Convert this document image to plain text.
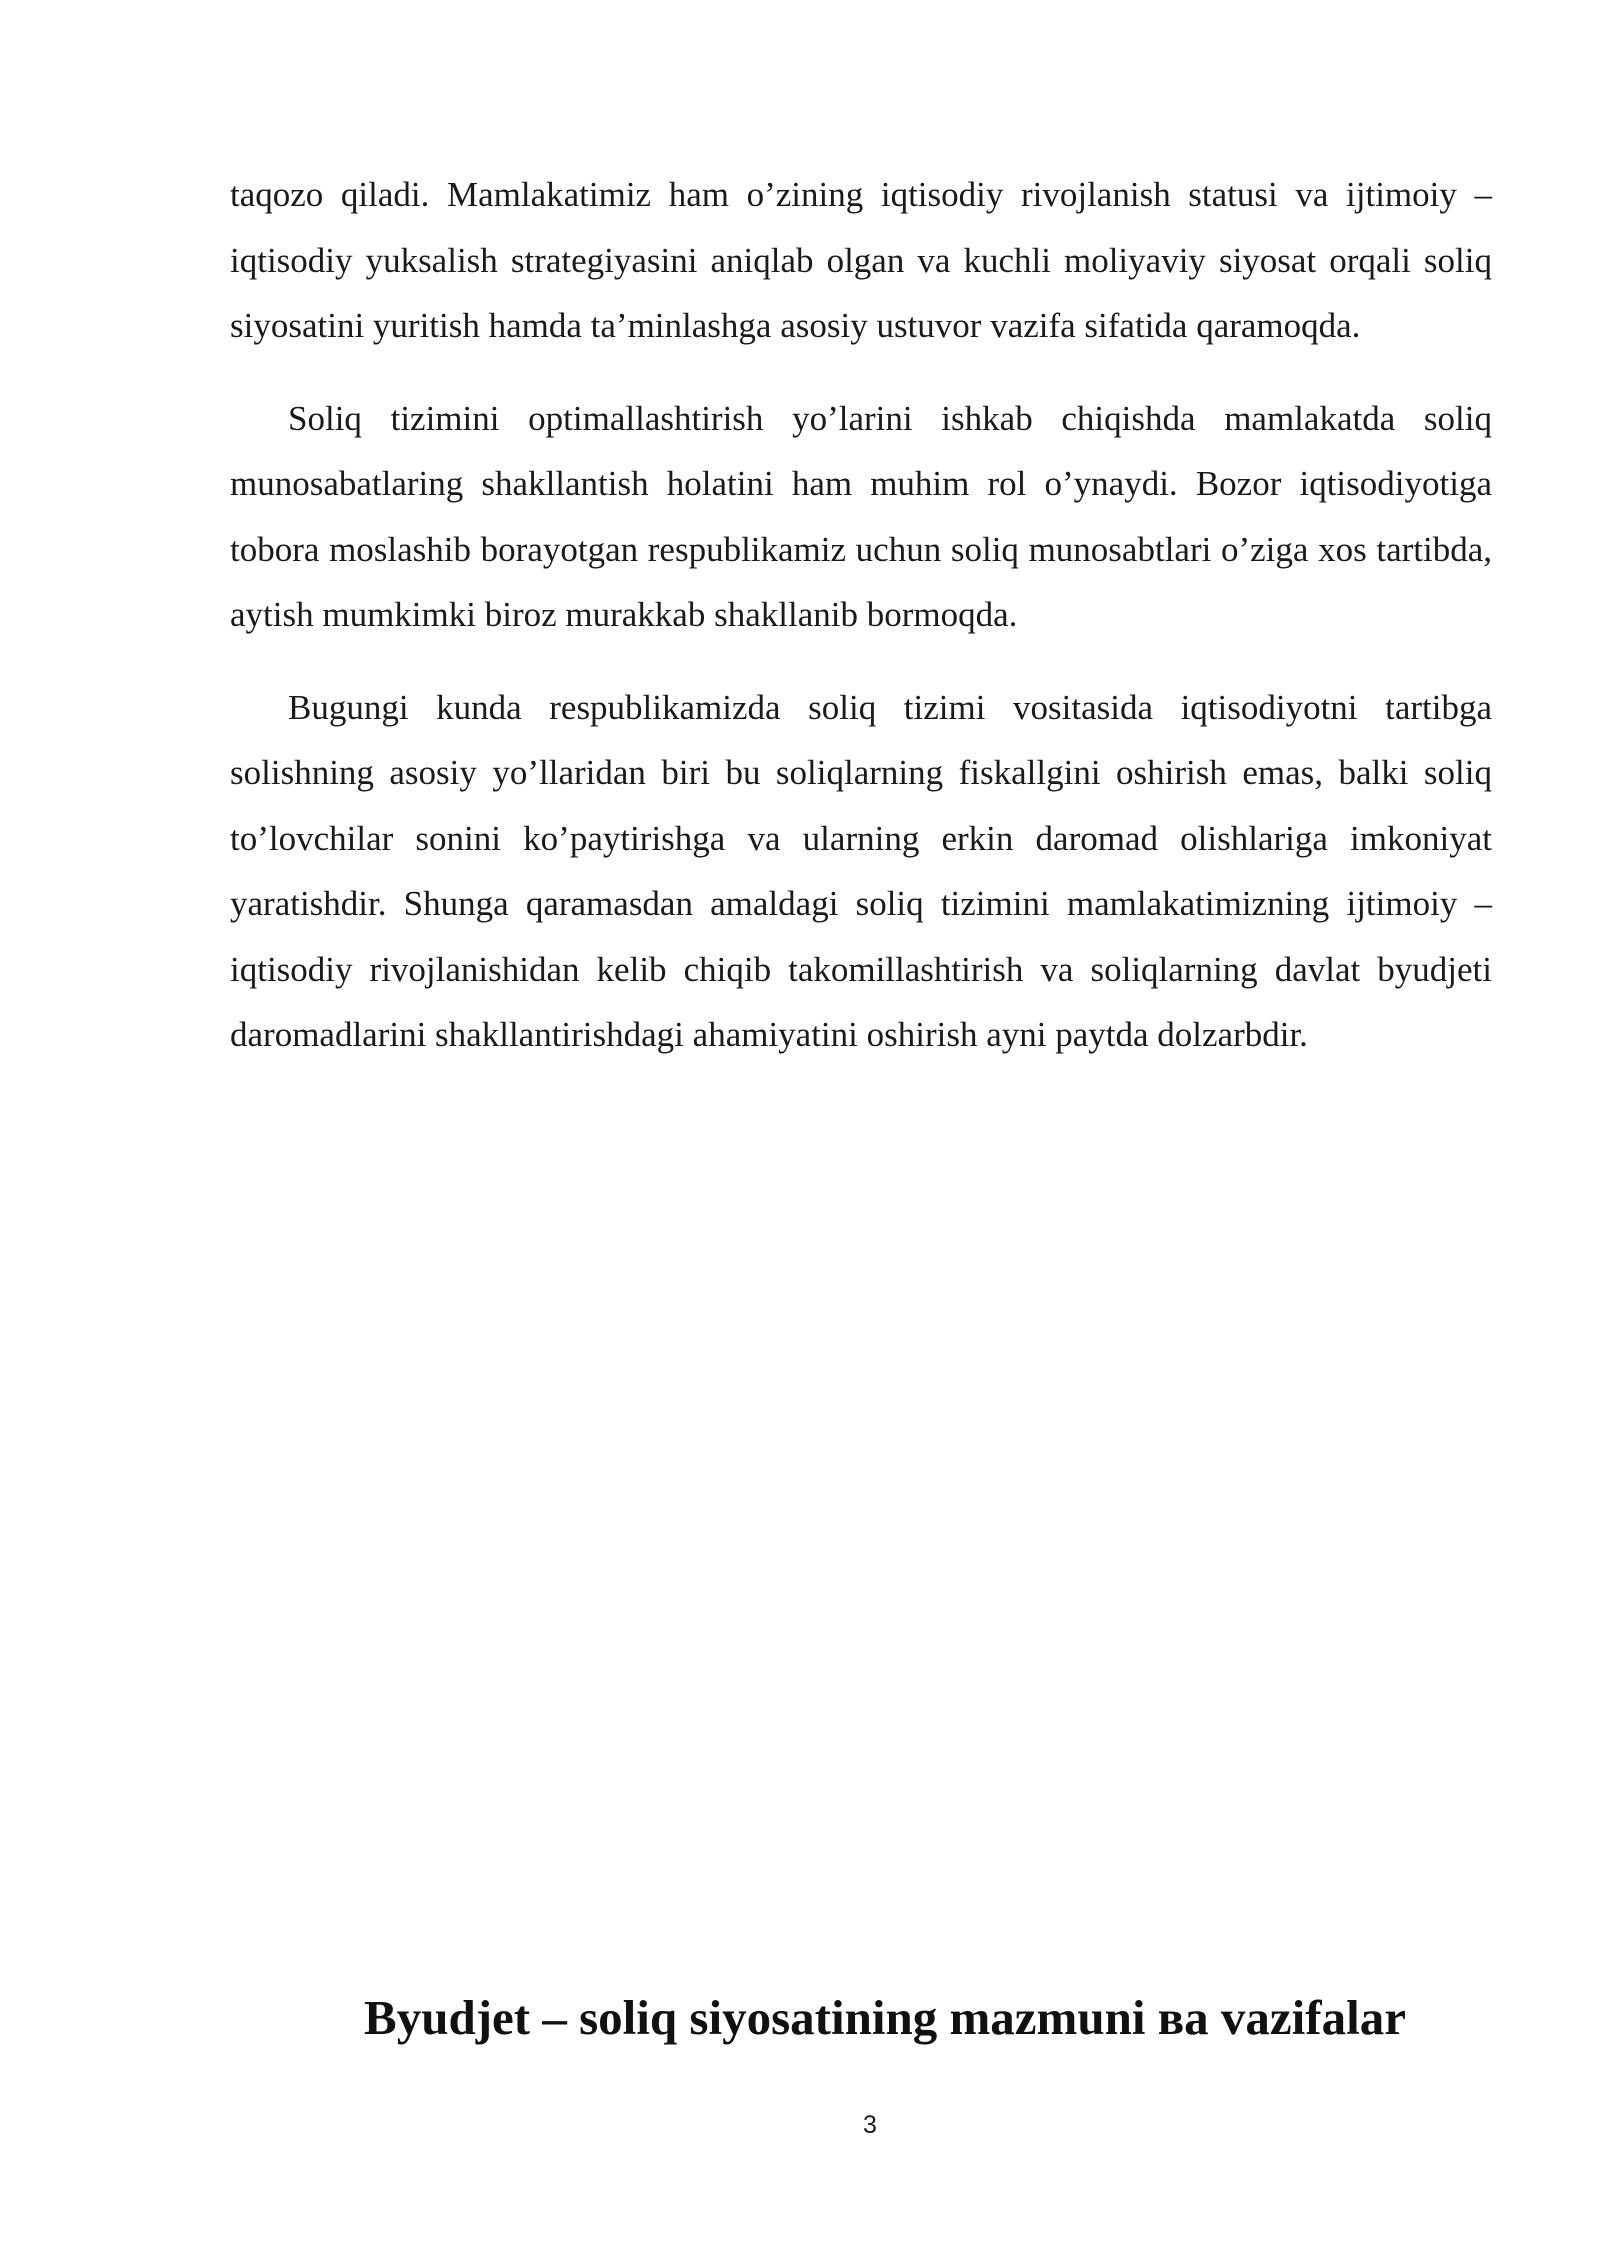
taqozo qiladi. Mamlakatimiz ham o’zining iqtisodiy rivojlanish statusi va ijtimoiy – iqtisodiy yuksalish strategiyasini aniqlab olgan va kuchli moliyaviy siyosat orqali soliq siyosatini yuritish hamda ta’minlashga asosiy ustuvor vazifa sifatida qaramoqda.

Soliq tizimini optimallashtirish yo’larini ishkab chiqishda mamlakatda soliq munosabatlaring shakllantish holatini ham muhim rol o’ynaydi. Bozor iqtisodiyotiga tobora moslashib borayotgan respublikamiz uchun soliq munosabtlari o’ziga xos tartibda, aytish mumkimki biroz murakkab shakllanib bormoqda.

Bugungi kunda respublikamizda soliq tizimi vositasida iqtisodiyotni tartibga solishning asosiy yo’llaridan biri bu soliqlarning fiskallgini oshirish emas, balki soliq to’lovchilar sonini ko’paytirishga va ularning erkin daromad olishlariga imkoniyat yaratishdir. Shunga qaramasdan amaldagi soliq tizimini mamlakatimizning ijtimoiy – iqtisodiy rivojlanishidan kelib chiqib takomillashtirish va soliqlarning davlat byudjeti daromadlarini shakllantirishdagi ahamiyatini oshirish ayni paytda dolzarbdir.

Byudjet – soliq siyosatining mazmuni ва vazifalar
3
